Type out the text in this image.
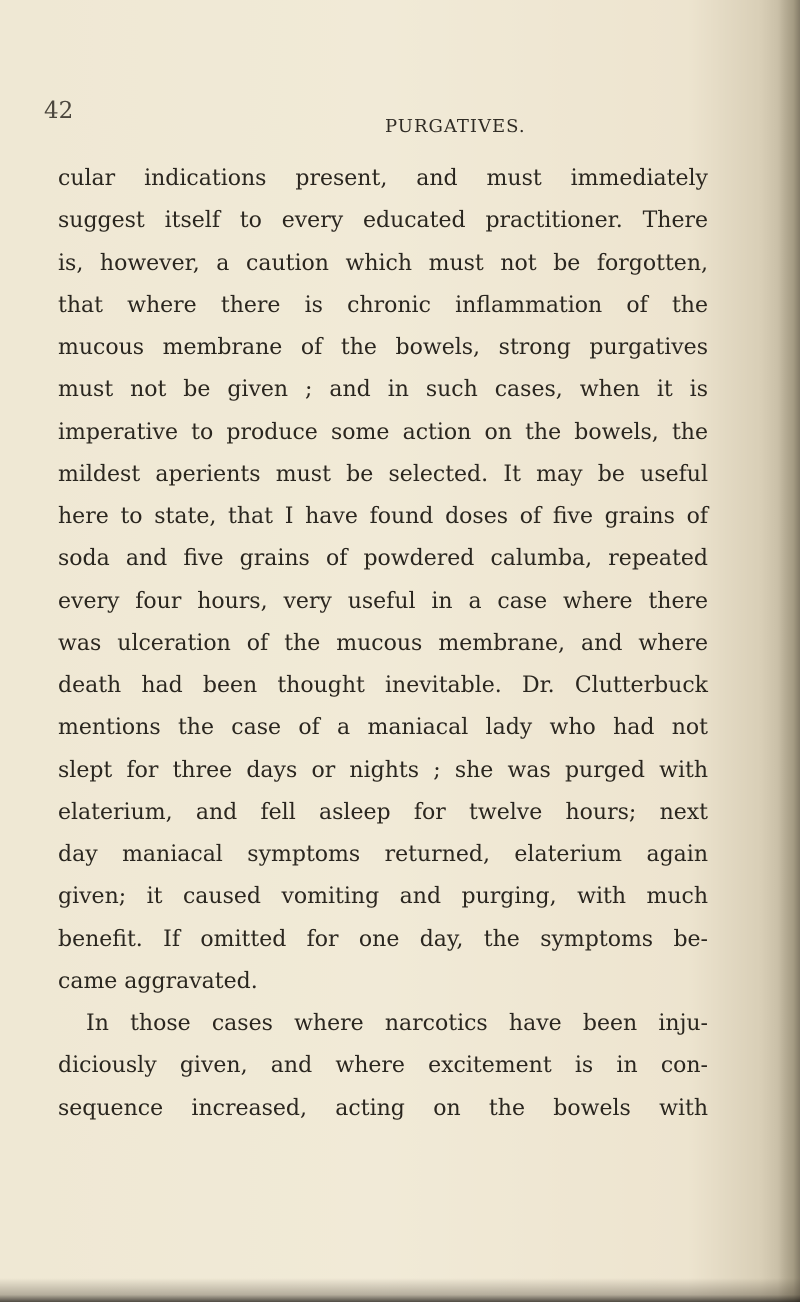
42
PURGATIVES.
cular indications present, and must immediately
suggest itself to every educated practitioner. There
is, however, a caution which must not be forgotten,
that where there is chronic inflammation of the
mucous membrane of the bowels, strong purgatives
must not be given ; and in such cases, when it is
imperative to produce some action on the bowels, the
mildest aperients must be selected. It may be useful
here to state, that I have found doses of five grains of
soda and five grains of powdered calumba, repeated
every four hours, very useful in a case where there
was ulceration of the mucous membrane, and where
death had been thought inevitable. Dr. Clutterbuck
mentions the case of a maniacal lady who had not
slept for three days or nights ; she was purged with
elaterium, and fell asleep for twelve hours; next
day maniacal symptoms returned, elaterium again
given; it caused vomiting and purging, with much
benefit. If omitted for one day, the symptoms be-
came aggravated.
In those cases where narcotics have been inju-
diciously given, and where excitement is in con-
sequence increased, acting on the bowels with
